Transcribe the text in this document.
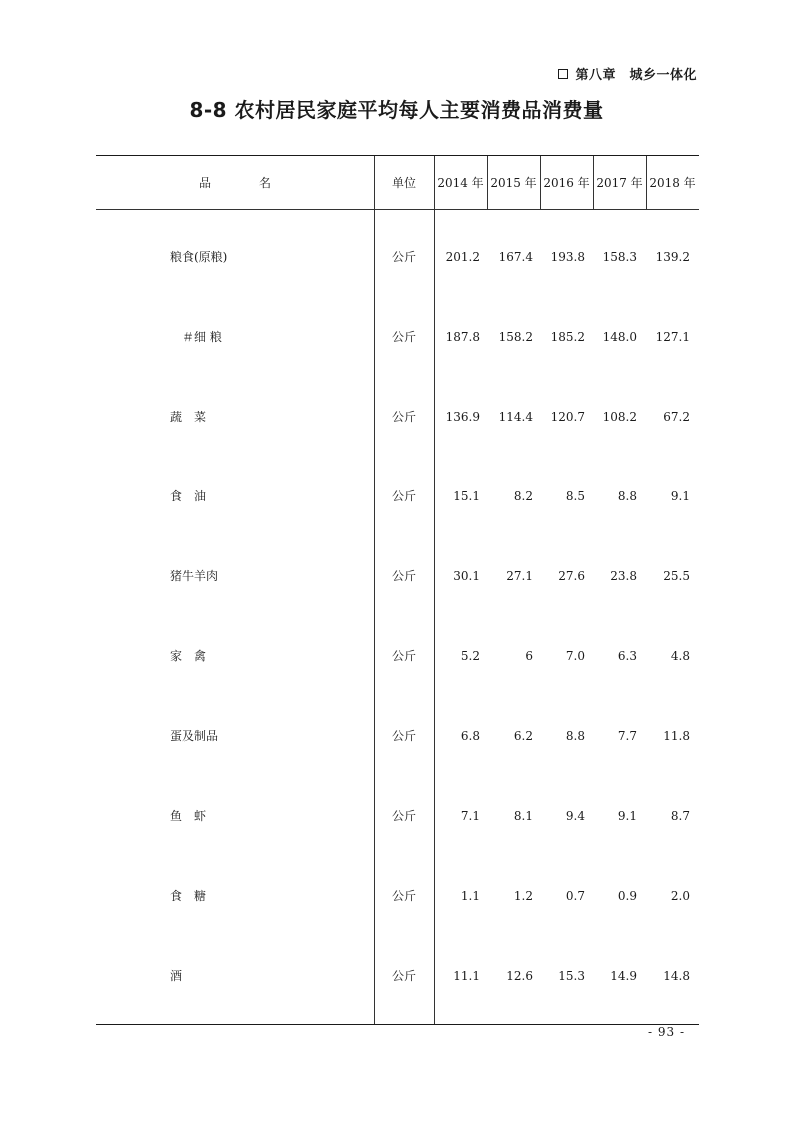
第八章　城乡一体化
8-8 农村居民家庭平均每人主要消费品消费量
品　　　　名	单位	2014 年 2015 年 2016 年 2017 年 2018 年
粮食(原粮)	公斤	201.2 167.4 193.8 158.3 139.2
＃细 粮	公斤	187.8 158.2 185.2 148.0 127.1
蔬　菜	公斤	136.9 114.4 120.7 108.2 67.2
食　油	公斤	15.1	8.2	8.5	8.8	9.1
猪牛羊肉	公斤	30.1 27.1 27.6 23.8 25.5
家　禽	公斤	5.2	6	7.0	6.3	4.8
蛋及制品	公斤	6.8	6.2	8.8	7.7 11.8
鱼　虾	公斤	7.1	8.1	9.4	9.1	8.7
食　糖	公斤	1.1	1.2	0.7	0.9	2.0
酒	公斤	11.1 12.6 15.3 14.9 14.8
- 93 -
